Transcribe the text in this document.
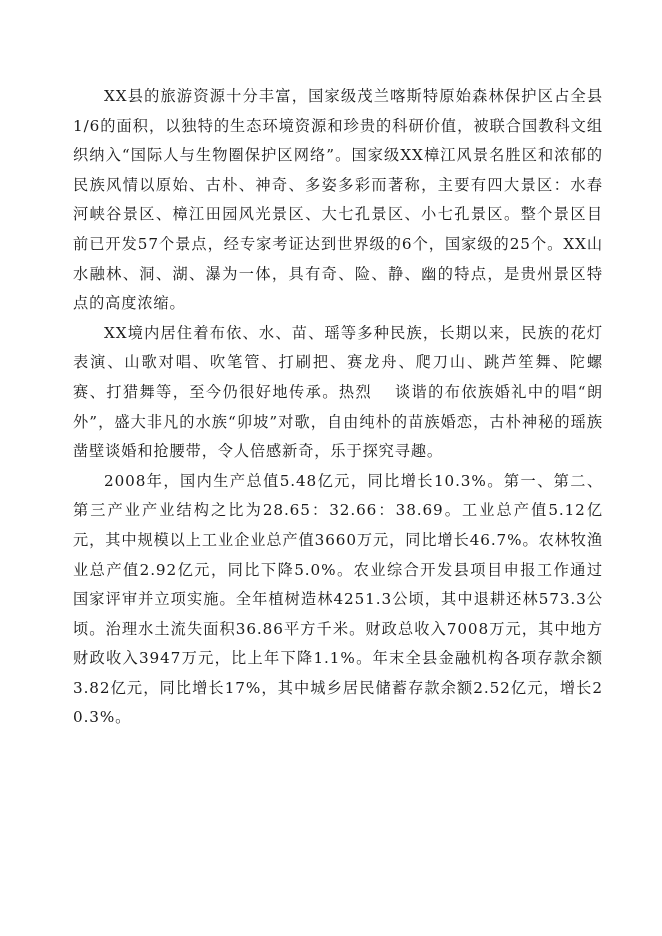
XX县的旅游资源十分丰富，国家级茂兰喀斯特原始森林保护区占全县1/6的面积，以独特的生态环境资源和珍贵的科研价值，被联合国教科文组织纳入“国际人与生物圈保护区网络”。国家级XX樟江风景名胜区和浓郁的民族风情以原始、古朴、神奇、多姿多彩而著称，主要有四大景区：水春河峡谷景区、樟江田园风光景区、大七孔景区、小七孔景区。整个景区目前已开发57个景点，经专家考证达到世界级的6个，国家级的25个。XX山水融林、洞、湖、瀑为一体，具有奇、险、静、幽的特点，是贵州景区特点的高度浓缩。

XX境内居住着布依、水、苗、瑶等多种民族，长期以来，民族的花灯表演、山歌对唱、吹笔管、打刷把、赛龙舟、爬刀山、跳芦笙舞、陀螺赛、打猎舞等，至今仍很好地传承。热烈　 谈谐的布依族婚礼中的唱“朗外”，盛大非凡的水族“卯坡”对歌，自由纯朴的苗族婚恋，古朴神秘的瑶族凿壁谈婚和抢腰带，令人倍感新奇，乐于探究寻趣。

2008年，国内生产总值5.48亿元，同比增长10.3%。第一、第二、第三产业产业结构之比为28.65：32.66：38.69。工业总产值5.12亿元，其中规模以上工业企业总产值3660万元，同比增长46.7%。农林牧渔业总产值2.92亿元，同比下降5.0%。农业综合开发县项目申报工作通过国家评审并立项实施。全年植树造林4251.3公顷，其中退耕还林573.3公顷。治理水土流失面积36.86平方千米。财政总收入7008万元，其中地方财政收入3947万元，比上年下降1.1%。年末全县金融机构各项存款余额3.82亿元，同比增长17%，其中城乡居民储蓄存款余额2.52亿元，增长20.3%。
